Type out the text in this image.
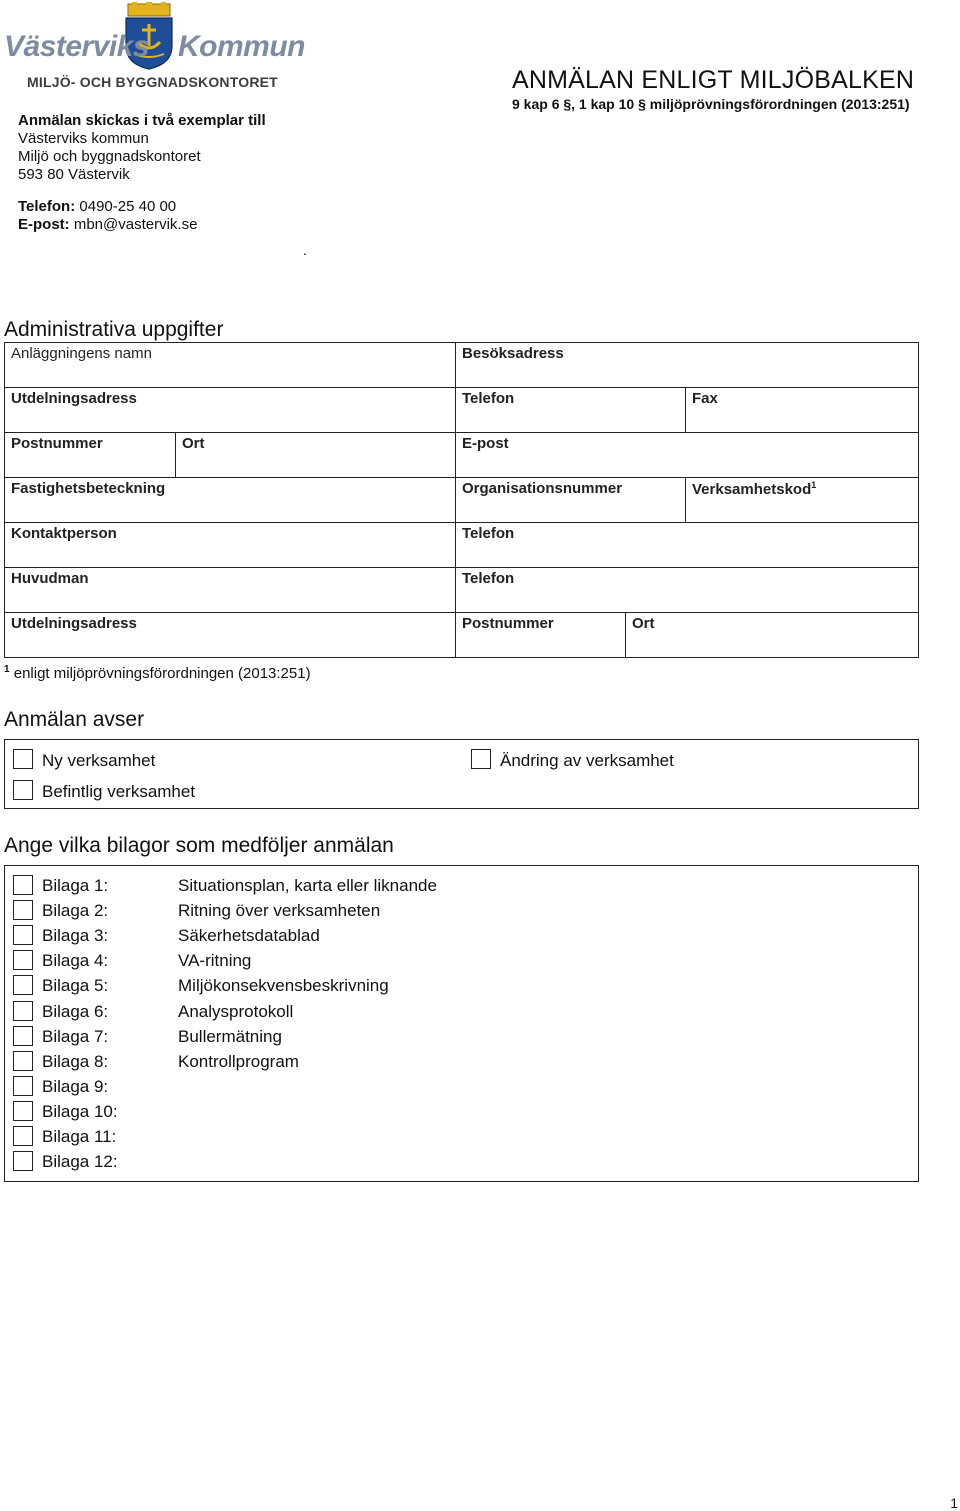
Västerviks Kommun
MILJÖ- OCH BYGGNADSKONTORET	ANMÄLAN ENLIGT MILJÖBALKEN
9 kap 6 §, 1 kap 10 § miljöprövningsförordningen (2013:251)
Anmälan skickas i två exemplar till
Västerviks kommun
Miljö och byggnadskontoret
593 80 Västervik
Telefon: 0490-25 40 00
E-post: mbn@vastervik.se
.
Administrativa uppgifter
Anläggningens namn	Besöksadress
Utdelningsadress	Telefon	Fax
Postnummer	Ort	E-post
Fastighetsbeteckning	Organisationsnummer	Verksamhetskod$^1$
Kontaktperson	Telefon
Huvudman	Telefon
Utdelningsadress	Postnummer	Ort
$^1$ enligt miljöprövningsförordningen (2013:251)
Anmälan avser
Ny verksamhet
Befintlig verksamhet
Ändring av verksamhet
Ange vilka bilagor som medföljer anmälan
Bilaga 1:	Situationsplan, karta eller liknande
Bilaga 2:	Ritning över verksamheten
Bilaga 3:	Säkerhetsdatablad
Bilaga 4:	VA-ritning
Bilaga 5:	Miljökonsekvensbeskrivning
Bilaga 6:	Analysprotokoll
Bilaga 7:	Bullermätning
Bilaga 8:	Kontrollprogram
Bilaga 9:
Bilaga 10:
Bilaga 11:
Bilaga 12:
1
